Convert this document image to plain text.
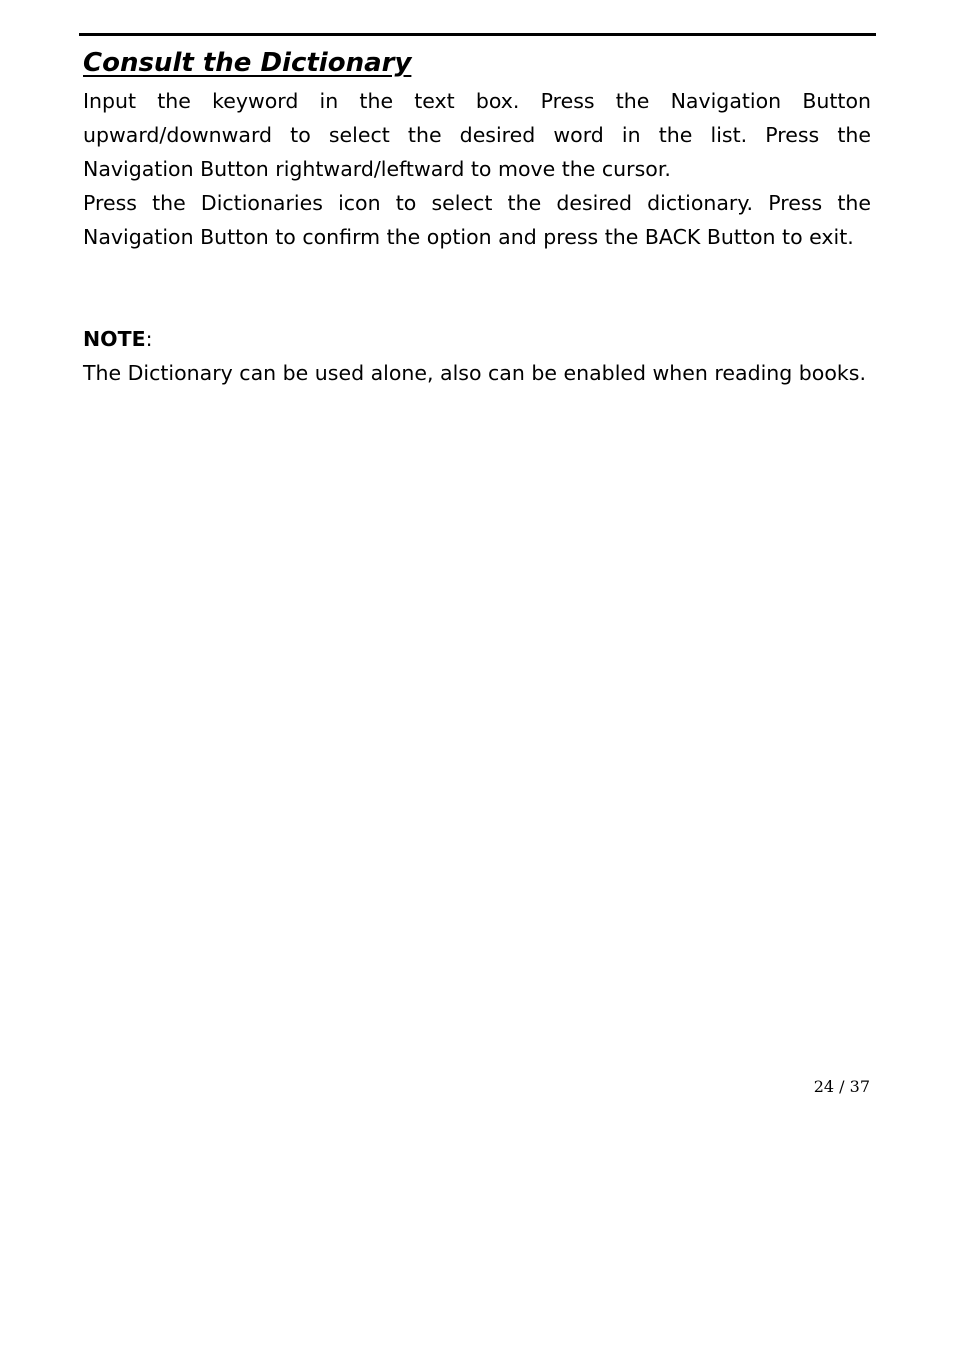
Consult the Dictionary

Input the keyword in the text box. Press the Navigation Button upward/downward to select the desired word in the list. Press the Navigation Button rightward/leftward to move the cursor.

Press the Dictionaries icon to select the desired dictionary. Press the Navigation Button to confirm the option and press the BACK Button to exit.

NOTE:

The Dictionary can be used alone, also can be enabled when reading books.

24 / 37
